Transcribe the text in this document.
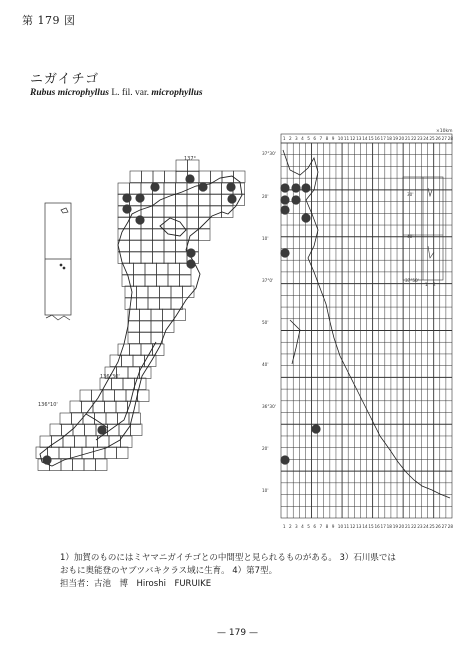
第 179 図
ニガイチゴ
Rubus microphyllus L. fil. var. microphyllus
137°
136°30'
136°10'
1
1
2
2
3
3
4
4
5
5
6
6
7
7
8
8
9
9
10
10
11
11
12
12
13
13
14
14
15
15
16
16
17
17
18
18
19
19
20
20
21
21
22
22
23
23
24
24
25
25
26
26
27
27
28
28
37°30'
20'
10'
37°0'
50'
40'
36°30'
20'
10'
30'
40'
37°50'
1 2
×10km
1）加賀のものにはミヤマニガイチゴとの中間型と見られるものがある。 3）石川県では
おもに奥能登のヤブツバキクラス域に生育。 4）第7型。
担当者：古池　博　Hiroshi　FURUIKE
— 179 —
